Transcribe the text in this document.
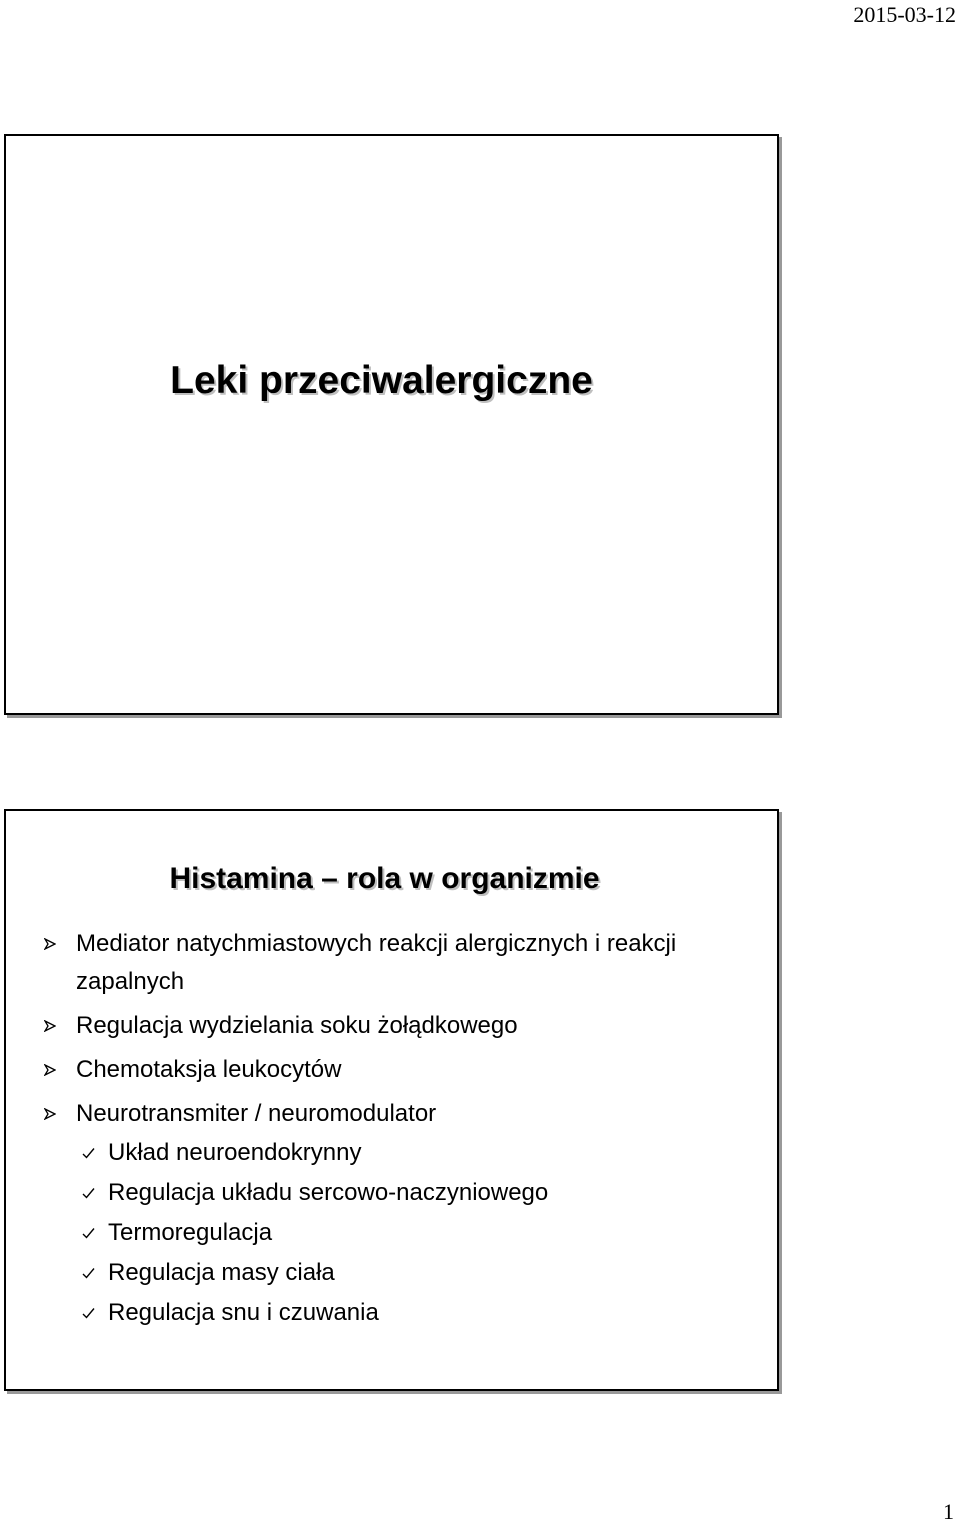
2015-03-12
Leki przeciwalergiczne
Histamina – rola w organizmie
Mediator natychmiastowych reakcji alergicznych i reakcji zapalnych
Regulacja wydzielania soku żołądkowego
Chemotaksja leukocytów
Neurotransmiter / neuromodulator
Układ neuroendokrynny
Regulacja układu sercowo-naczyniowego
Termoregulacja
Regulacja masy ciała
Regulacja snu i czuwania
1
